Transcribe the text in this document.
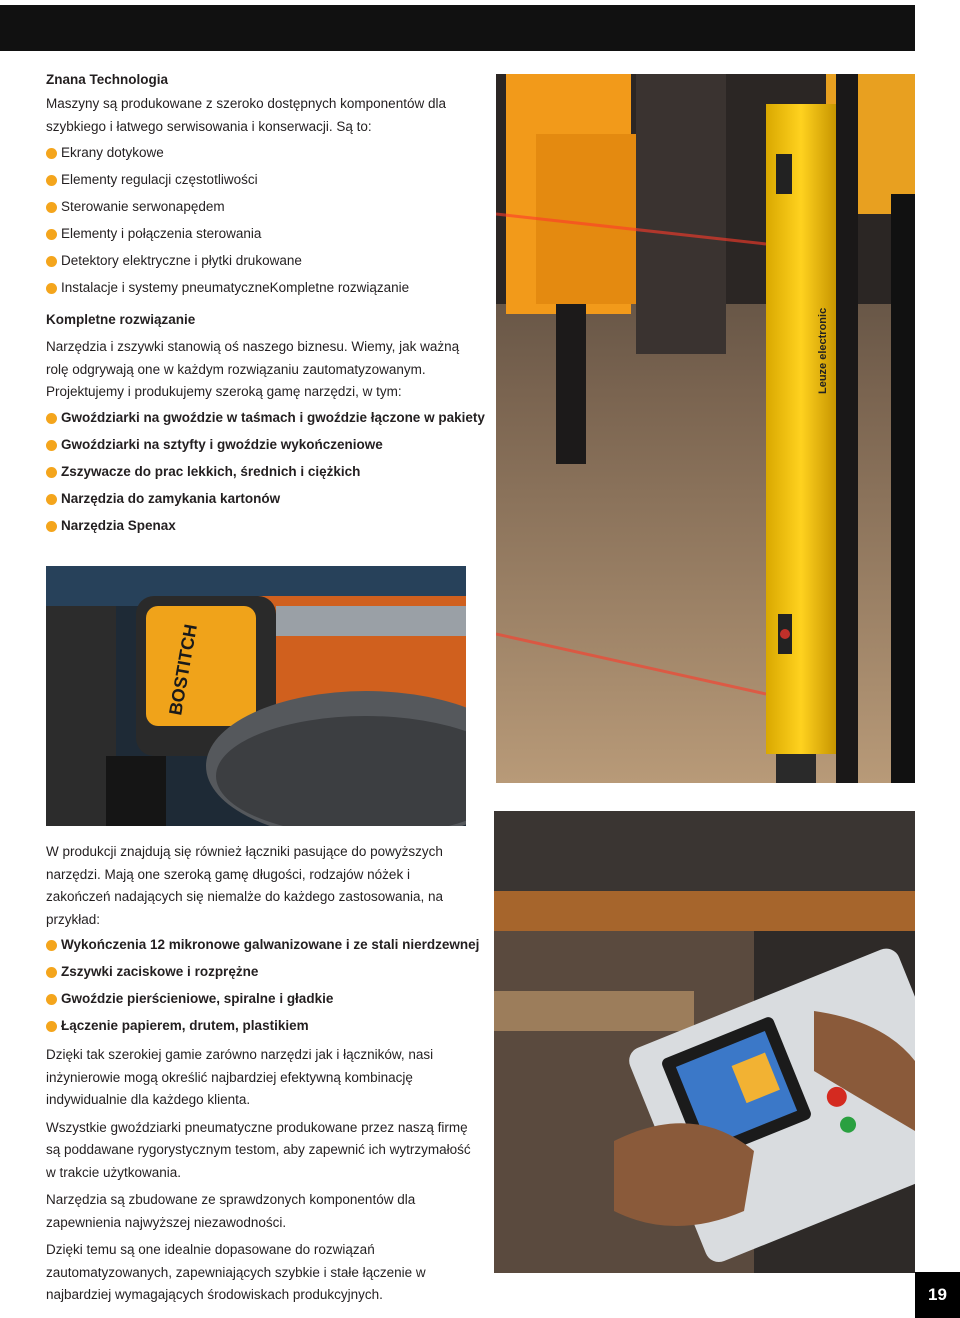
Znana Technologia

Maszyny są produkowane z szeroko dostępnych komponentów dla szybkiego i łatwego serwisowania i konserwacji. Są to:

Ekrany dotykowe
Elementy regulacji częstotliwości
Sterowanie serwonapędem
Elementy i połączenia sterowania
Detektory elektryczne i płytki drukowane
Instalacje i systemy pneumatyczneKompletne rozwiązanie

Kompletne rozwiązanie

Narzędzia i zszywki stanowią oś naszego biznesu. Wiemy, jak ważną rolę odgrywają one w każdym rozwiązaniu zautomatyzowanym.

Projektujemy i produkujemy szeroką gamę narzędzi, w tym:

Gwoździarki na gwoździe w taśmach i gwoździe łączone w pakiety
Gwoździarki na sztyfty i gwoździe wykończeniowe
Zszywacze do prac lekkich, średnich i ciężkich
Narzędzia do zamykania kartonów
Narzędzia Spenax

W produkcji znajdują się również łączniki pasujące do powyższych narzędzi. Mają one szeroką gamę długości, rodzajów nóżek i zakończeń nadających się niemalże do każdego zastosowania, na przykład:

Wykończenia 12 mikronowe galwanizowane i ze stali nierdzewnej
Zszywki zaciskowe i rozprężne
Gwoździe pierścieniowe, spiralne i gładkie
Łączenie papierem, drutem, plastikiem

Dzięki tak szerokiej gamie zarówno narzędzi jak i łączników, nasi inżynierowie mogą określić najbardziej efektywną kombinację indywidualnie dla każdego klienta.

Wszystkie gwoździarki pneumatyczne produkowane przez naszą firmę są poddawane rygorystycznym testom, aby zapewnić ich wytrzymałość w trakcie użytkowania.

Narzędzia są zbudowane ze sprawdzonych komponentów dla zapewnienia najwyższej niezawodności.

Dzięki temu są one idealnie dopasowane do rozwiązań zautomatyzowanych, zapewniających szybkie i stałe łączenie w najbardziej wymagających środowiskach produkcyjnych.

Leuze electronic
BOSTITCH
19
